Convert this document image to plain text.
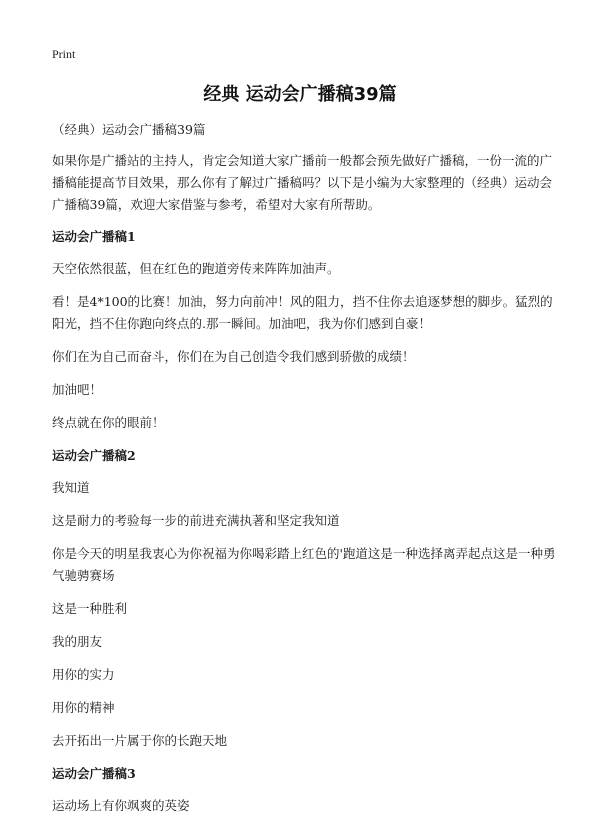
Print
经典 运动会广播稿39篇

（经典）运动会广播稿39篇

如果你是广播站的主持人，肯定会知道大家广播前一般都会预先做好广播稿，一份一流的广播稿能提高节目效果，那么你有了解过广播稿吗？以下是小编为大家整理的（经典）运动会广播稿39篇，欢迎大家借鉴与参考，希望对大家有所帮助。

运动会广播稿1

天空依然很蓝，但在红色的跑道旁传来阵阵加油声。

看！是4*100的比赛！加油，努力向前冲！风的阻力，挡不住你去追逐梦想的脚步。猛烈的阳光，挡不住你跑向终点的.那一瞬间。加油吧，我为你们感到自豪！

你们在为自己而奋斗，你们在为自己创造令我们感到骄傲的成绩！

加油吧！

终点就在你的眼前！

运动会广播稿2

我知道

这是耐力的考验每一步的前进充满执著和坚定我知道

你是今天的明星我衷心为你祝福为你喝彩踏上红色的'跑道这是一种选择离弄起点这是一种勇气驰骋赛场

这是一种胜利

我的朋友

用你的实力

用你的精神

去开拓出一片属于你的长跑天地

运动会广播稿3

运动场上有你飒爽的英姿
